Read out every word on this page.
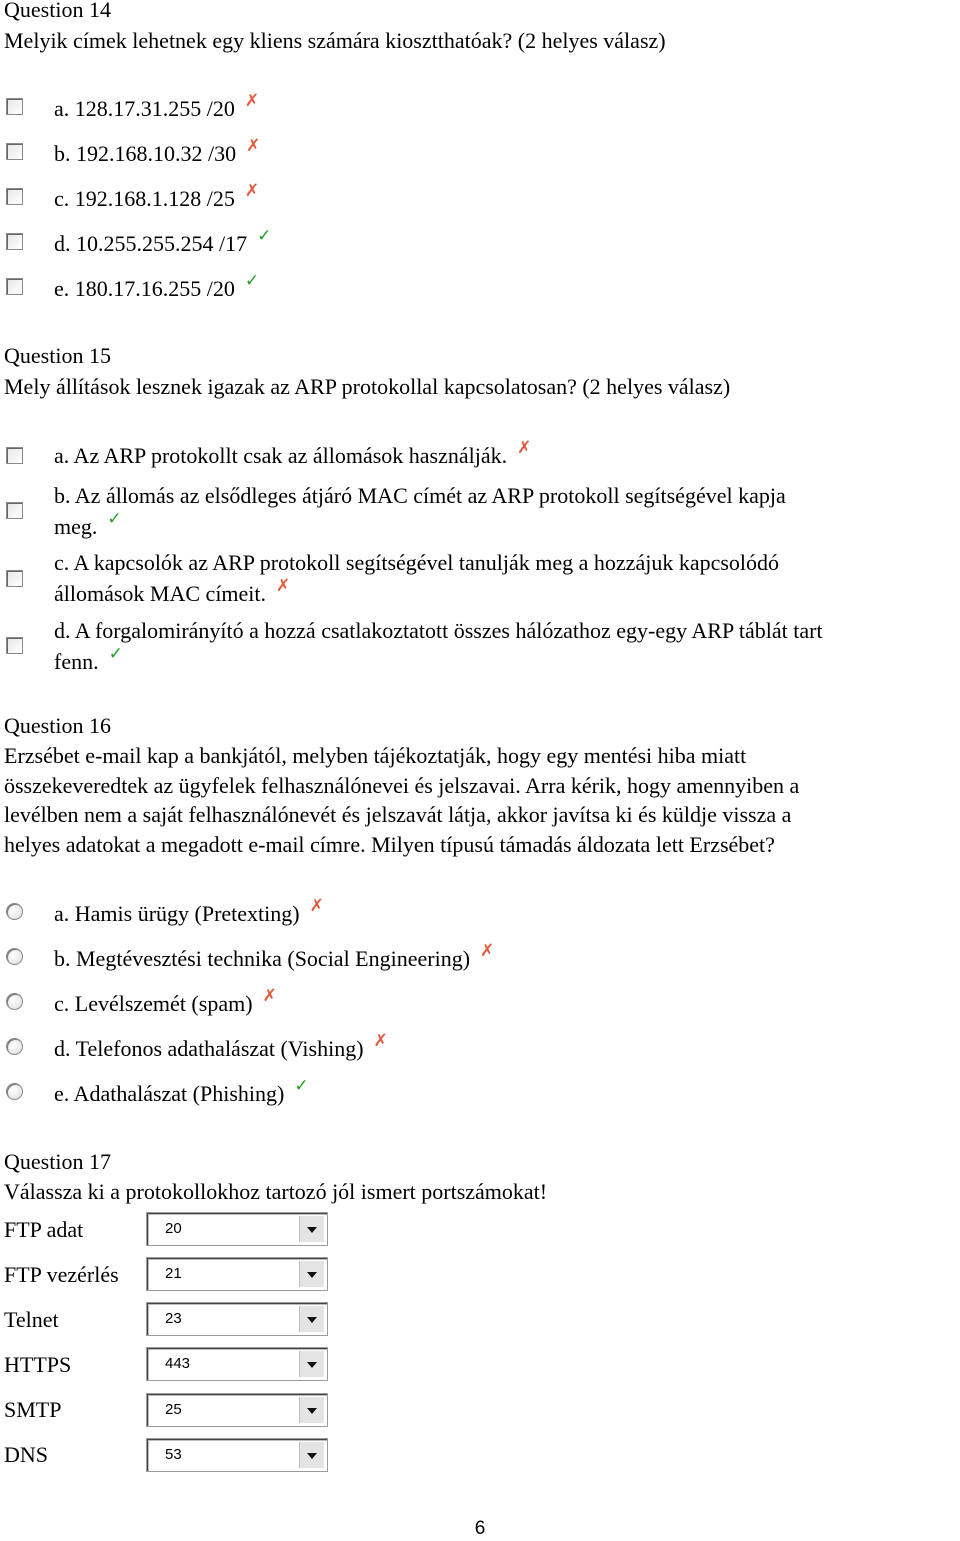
Question 14
Melyik címek lehetnek egy kliens számára kiosztthatóak? (2 helyes válasz)
a. 128.17.31.255 /20 ✗
b. 192.168.10.32 /30 ✗
c. 192.168.1.128 /25 ✗
d. 10.255.255.254 /17 ✓
e. 180.17.16.255 /20 ✓
Question 15
Mely állítások lesznek igazak az ARP protokollal kapcsolatosan? (2 helyes válasz)
a. Az ARP protokollt csak az állomások használják. ✗
b. Az állomás az elsődleges átjáró MAC címét az ARP protokoll segítségével kapja
meg. ✓
c. A kapcsolók az ARP protokoll segítségével tanulják meg a hozzájuk kapcsolódó
állomások MAC címeit. ✗
d. A forgalomirányító a hozzá csatlakoztatott összes hálózathoz egy-egy ARP táblát tart
fenn. ✓
Question 16
Erzsébet e-mail kap a bankjától, melyben tájékoztatják, hogy egy mentési hiba miatt
összekeveredtek az ügyfelek felhasználónevei és jelszavai. Arra kérik, hogy amennyiben a
levélben nem a saját felhasználónevét és jelszavát látja, akkor javítsa ki és küldje vissza a
helyes adatokat a megadott e-mail címre. Milyen típusú támadás áldozata lett Erzsébet?
a. Hamis ürügy (Pretexting) ✗
b. Megtévesztési technika (Social Engineering) ✗
c. Levélszemét (spam) ✗
d. Telefonos adathalászat (Vishing) ✗
e. Adathalászat (Phishing) ✓
Question 17
Válassza ki a protokollokhoz tartozó jól ismert portszámokat!
FTP adat	20
FTP vezérlés	21
Telnet	23
HTTPS	443
SMTP	25
DNS	53
6
